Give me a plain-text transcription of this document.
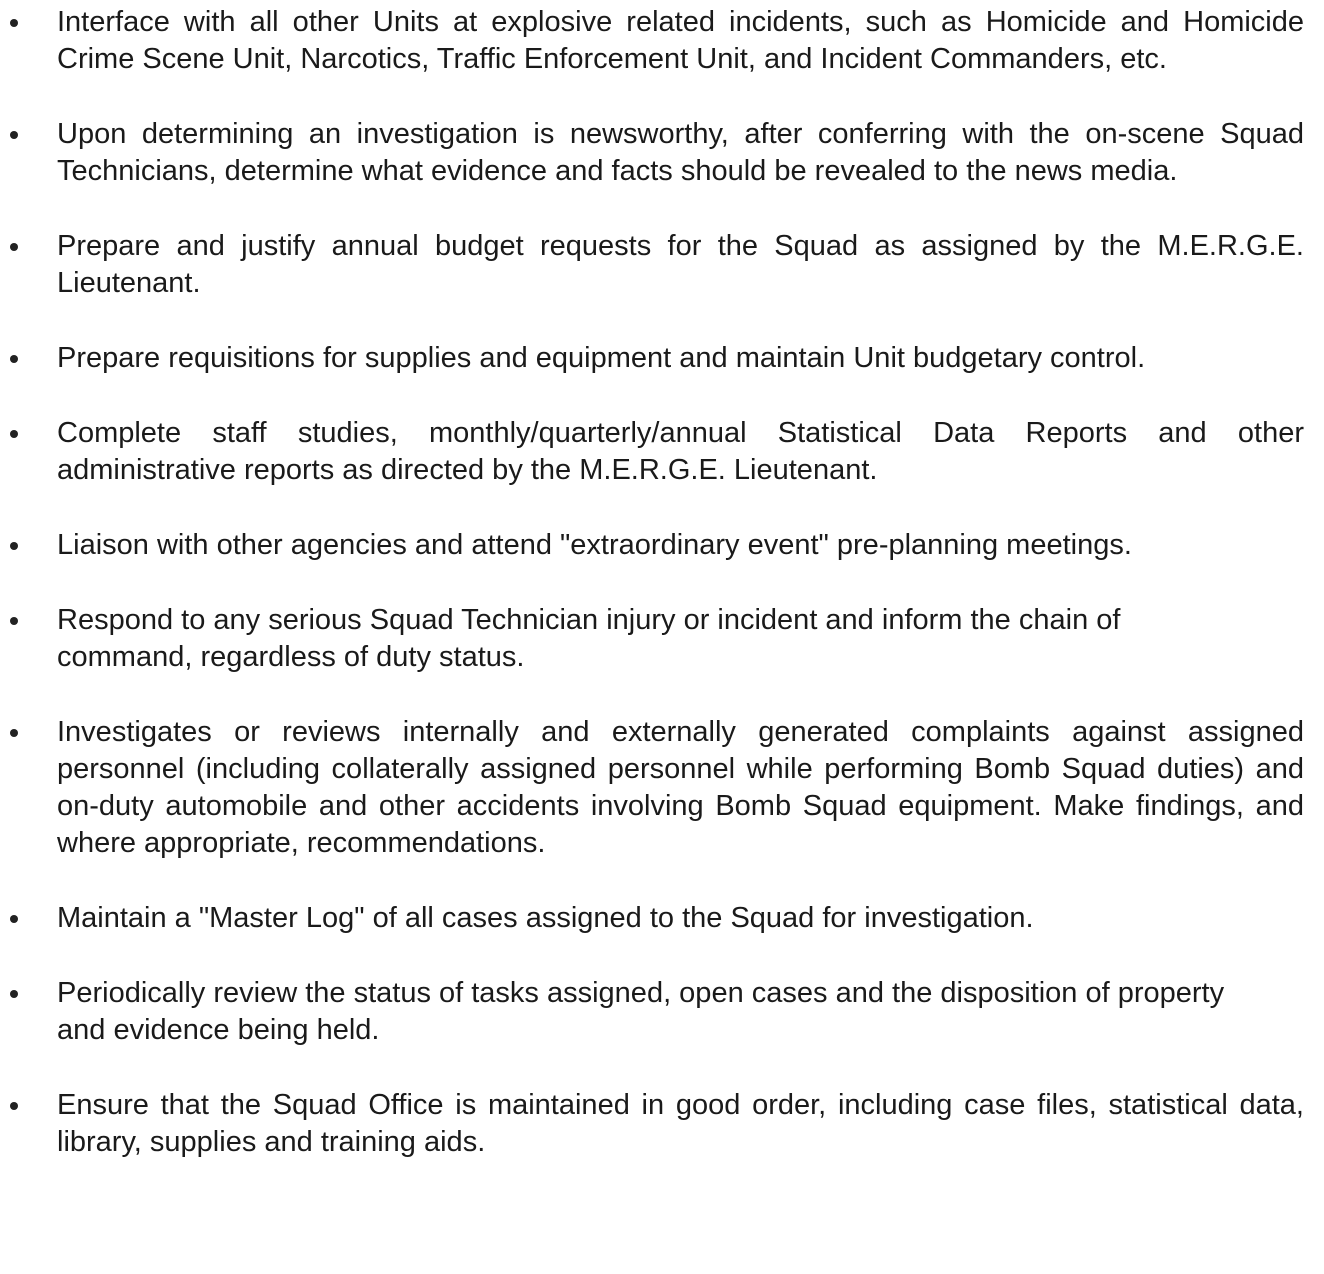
Interface with all other Units at explosive related incidents, such as Homicide and Homicide Crime Scene Unit, Narcotics, Traffic Enforcement Unit, and Incident Commanders, etc.
Upon determining an investigation is newsworthy, after conferring with the on-scene Squad Technicians, determine what evidence and facts should be revealed to the news media.
Prepare and justify annual budget requests for the Squad as assigned by the M.E.R.G.E. Lieutenant.
Prepare requisitions for supplies and equipment and maintain Unit budgetary control.
Complete staff studies, monthly/quarterly/annual Statistical Data Reports and other administrative reports as directed by the M.E.R.G.E. Lieutenant.
Liaison with other agencies and attend "extraordinary event" pre-planning meetings.
Respond to any serious Squad Technician injury or incident and inform the chain of command, regardless of duty status.
Investigates or reviews internally and externally generated complaints against assigned personnel (including collaterally assigned personnel while performing Bomb Squad duties) and on-duty automobile and other accidents involving Bomb Squad equipment. Make findings, and where appropriate, recommendations.
Maintain a "Master Log" of all cases assigned to the Squad for investigation.
Periodically review the status of tasks assigned, open cases and the disposition of property and evidence being held.
Ensure that the Squad Office is maintained in good order, including case files, statistical data, library, supplies and training aids.
